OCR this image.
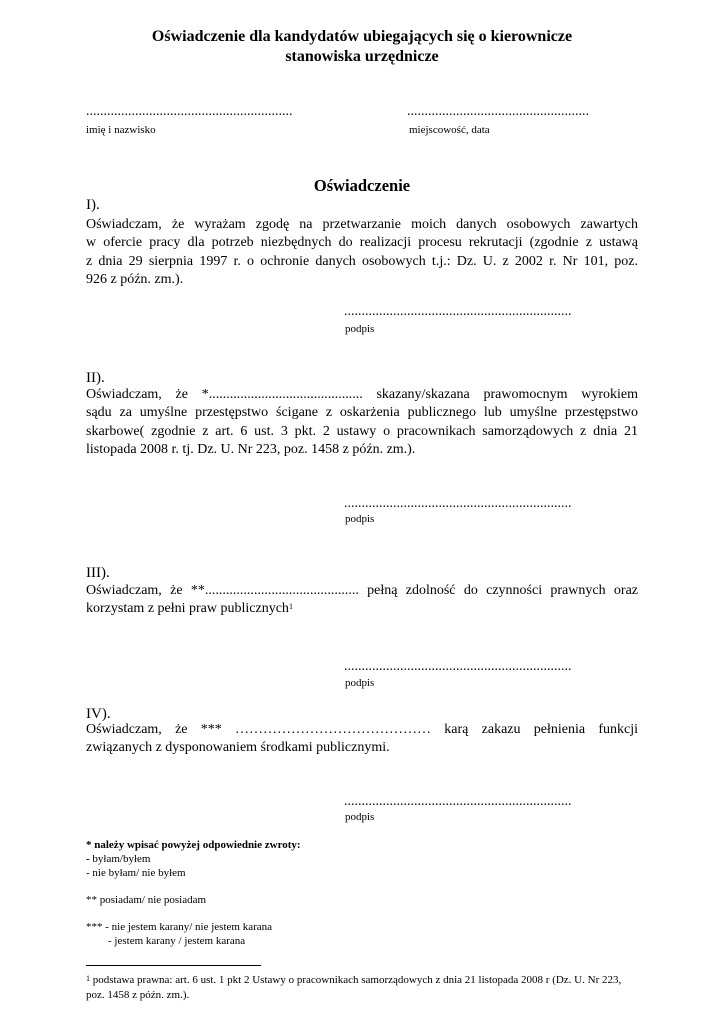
Oświadczenie dla kandydatów ubiegających się o kierownicze
stanowiska urzędnicze
...........................................................
imię i nazwisko
....................................................
miejscowość, data
Oświadczenie
I).
Oświadczam, że wyrażam zgodę na przetwarzanie moich danych osobowych zawartych
w ofercie pracy dla potrzeb niezbędnych do realizacji procesu rekrutacji (zgodnie z ustawą
z dnia 29 sierpnia 1997 r. o ochronie danych osobowych t.j.: Dz. U. z 2002 r. Nr 101, poz.
926 z późn. zm.).
.................................................................
podpis
II).
Oświadczam, że *............................................ skazany/skazana prawomocnym wyrokiem
sądu za umyślne przestępstwo ścigane z oskarżenia publicznego lub umyślne przestępstwo
skarbowe( zgodnie z art. 6 ust. 3 pkt. 2 ustawy o pracownikach samorządowych z dnia 21
listopada 2008 r. tj. Dz. U. Nr 223, poz. 1458 z późn. zm.).
.................................................................
podpis
III).
Oświadczam, że **............................................ pełną zdolność do czynności prawnych oraz
korzystam z pełni praw publicznych$^1$
.................................................................
podpis
IV).
Oświadczam, że *** …………………………………… karą zakazu pełnienia funkcji
związanych z dysponowaniem środkami publicznymi.
.................................................................
podpis
* należy wpisać powyżej odpowiednie zwroty:
- byłam/byłem
- nie byłam/ nie byłem
** posiadam/ nie posiadam
*** - nie jestem karany/ nie jestem karana
- jestem karany / jestem karana
$^1$ podstawa prawna: art. 6 ust. 1 pkt 2 Ustawy o pracownikach samorządowych z dnia 21 listopada 2008 r (Dz. U. Nr 223,
poz. 1458 z późn. zm.).
